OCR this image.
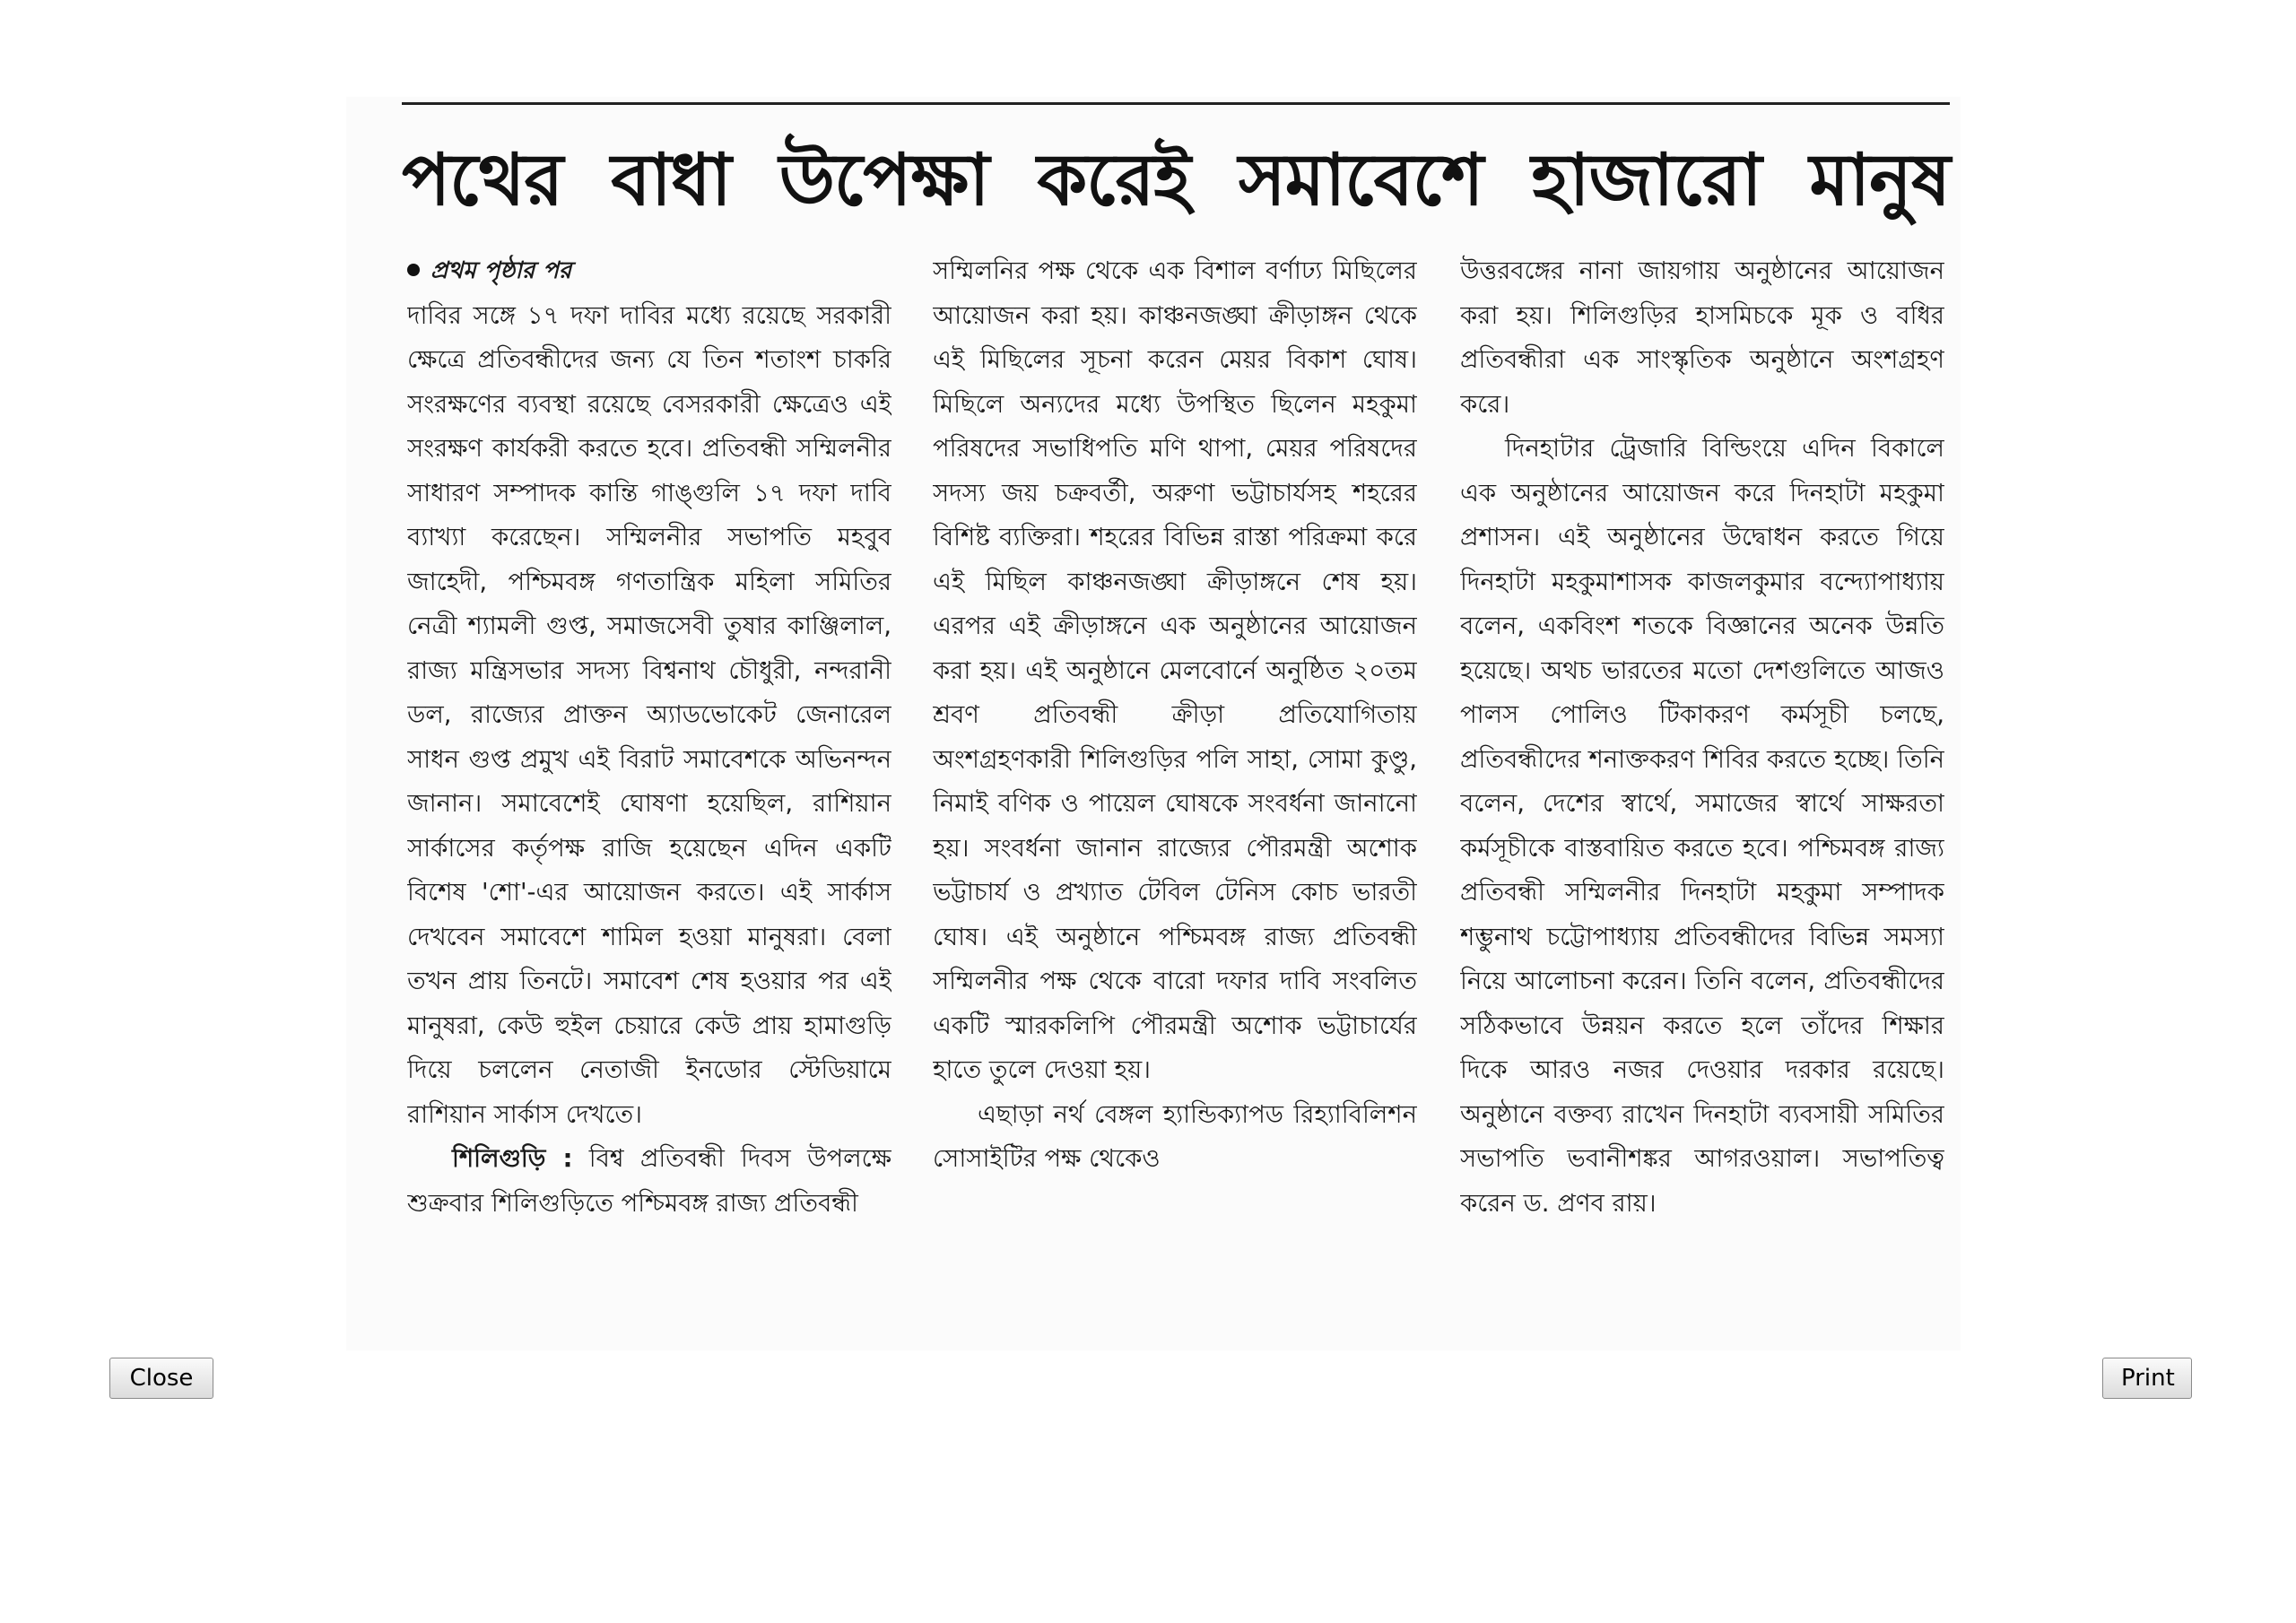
পথের বাধা উপেক্ষা করেই সমাবেশে হাজারো মানুষ
প্রথম পৃষ্ঠার পর

দাবির সঙ্গে ১৭ দফা দাবির মধ্যে রয়েছে সরকারী ক্ষেত্রে প্রতিবন্ধীদের জন্য যে তিন শতাংশ চাকরি সংরক্ষণের ব্যবস্থা রয়েছে বেসরকারী ক্ষেত্রেও এই সংরক্ষণ কার্যকরী করতে হবে। প্রতিবন্ধী সম্মিলনীর সাধারণ সম্পাদক কান্তি গাঙ্গুলি ১৭ দফা দাবি ব্যাখ্যা করেছেন। সম্মিলনীর সভাপতি মহবুব জাহেদী, পশ্চিমবঙ্গ গণতান্ত্রিক মহিলা সমিতির নেত্রী শ্যামলী গুপ্ত, সমাজসেবী তুষার কাঞ্জিলাল, রাজ্য মন্ত্রিসভার সদস্য বিশ্বনাথ চৌধুরী, নন্দরানী ডল, রাজ্যের প্রাক্তন অ্যাডভোকেট জেনারেল সাধন গুপ্ত প্রমুখ এই বিরাট সমাবেশকে অভিনন্দন জানান। সমাবেশেই ঘোষণা হয়েছিল, রাশিয়ান সার্কাসের কর্তৃপক্ষ রাজি হয়েছেন এদিন একটি বিশেষ 'শো'-এর আয়োজন করতে। এই সার্কাস দেখবেন সমাবেশে শামিল হওয়া মানুষরা। বেলা তখন প্রায় তিনটে। সমাবেশ শেষ হওয়ার পর এই মানুষরা, কেউ হুইল চেয়ারে কেউ প্রায় হামাগুড়ি দিয়ে চললেন নেতাজী ইনডোর স্টেডিয়ামে রাশিয়ান সার্কাস দেখতে।

শিলিগুড়ি : বিশ্ব প্রতিবন্ধী দিবস উপলক্ষে শুক্রবার শিলিগুড়িতে পশ্চিমবঙ্গ রাজ্য প্রতিবন্ধী

সম্মিলনির পক্ষ থেকে এক বিশাল বর্ণাঢ্য মিছিলের আয়োজন করা হয়। কাঞ্চনজঙ্ঘা ক্রীড়াঙ্গন থেকে এই মিছিলের সূচনা করেন মেয়র বিকাশ ঘোষ। মিছিলে অন্যদের মধ্যে উপস্থিত ছিলেন মহকুমা পরিষদের সভাধিপতি মণি থাপা, মেয়র পরিষদের সদস্য জয় চক্রবর্তী, অরুণা ভট্টাচার্যসহ শহরের বিশিষ্ট ব্যক্তিরা। শহরের বিভিন্ন রাস্তা পরিক্রমা করে এই মিছিল কাঞ্চনজঙ্ঘা ক্রীড়াঙ্গনে শেষ হয়। এরপর এই ক্রীড়াঙ্গনে এক অনুষ্ঠানের আয়োজন করা হয়। এই অনুষ্ঠানে মেলবোর্নে অনুষ্ঠিত ২০তম শ্রবণ প্রতিবন্ধী ক্রীড়া প্রতিযোগিতায় অংশগ্রহণকারী শিলিগুড়ির পলি সাহা, সোমা কুণ্ডু, নিমাই বণিক ও পায়েল ঘোষকে সংবর্ধনা জানানো হয়। সংবর্ধনা জানান রাজ্যের পৌরমন্ত্রী অশোক ভট্টাচার্য ও প্রখ্যাত টেবিল টেনিস কোচ ভারতী ঘোষ। এই অনুষ্ঠানে পশ্চিমবঙ্গ রাজ্য প্রতিবন্ধী সম্মিলনীর পক্ষ থেকে বারো দফার দাবি সংবলিত একটি স্মারকলিপি পৌরমন্ত্রী অশোক ভট্টাচার্যের হাতে তুলে দেওয়া হয়।

এছাড়া নর্থ বেঙ্গল হ্যান্ডিক্যাপড রিহ্যাবিলিশন সোসাইটির পক্ষ থেকেও

উত্তরবঙ্গের নানা জায়গায় অনুষ্ঠানের আয়োজন করা হয়। শিলিগুড়ির হাসমিচকে মূক ও বধির প্রতিবন্ধীরা এক সাংস্কৃতিক অনুষ্ঠানে অংশগ্রহণ করে।

দিনহাটার ট্রেজারি বিল্ডিংয়ে এদিন বিকালে এক অনুষ্ঠানের আয়োজন করে দিনহাটা মহকুমা প্রশাসন। এই অনুষ্ঠানের উদ্বোধন করতে গিয়ে দিনহাটা মহকুমাশাসক কাজলকুমার বন্দ্যোপাধ্যায় বলেন, একবিংশ শতকে বিজ্ঞানের অনেক উন্নতি হয়েছে। অথচ ভারতের মতো দেশগুলিতে আজও পালস পোলিও টিকাকরণ কর্মসূচী চলছে, প্রতিবন্ধীদের শনাক্তকরণ শিবির করতে হচ্ছে। তিনি বলেন, দেশের স্বার্থে, সমাজের স্বার্থে সাক্ষরতা কর্মসূচীকে বাস্তবায়িত করতে হবে। পশ্চিমবঙ্গ রাজ্য প্রতিবন্ধী সম্মিলনীর দিনহাটা মহকুমা সম্পাদক শম্ভুনাথ চট্টোপাধ্যায় প্রতিবন্ধীদের বিভিন্ন সমস্যা নিয়ে আলোচনা করেন। তিনি বলেন, প্রতিবন্ধীদের সঠিকভাবে উন্নয়ন করতে হলে তাঁদের শিক্ষার দিকে আরও নজর দেওয়ার দরকার রয়েছে। অনুষ্ঠানে বক্তব্য রাখেন দিনহাটা ব্যবসায়ী সমিতির সভাপতি ভবানীশঙ্কর আগরওয়াল। সভাপতিত্ব করেন ড. প্রণব রায়।

Close	Print
